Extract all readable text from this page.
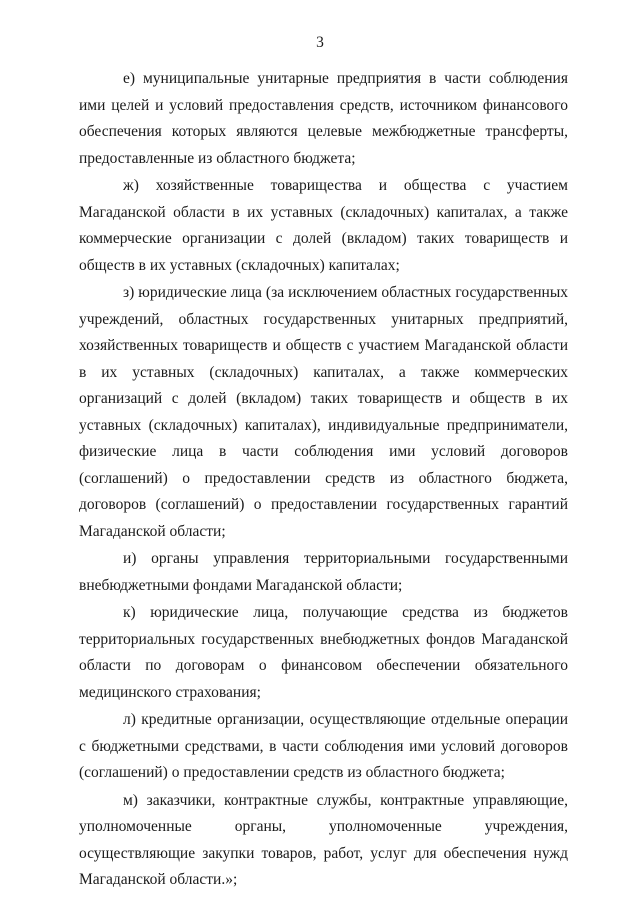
3

е) муниципальные унитарные предприятия в части соблюдения ими целей и условий предоставления средств, источником финансового обеспечения которых являются целевые межбюджетные трансферты, предоставленные из областного бюджета;

ж) хозяйственные товарищества и общества с участием Магаданской области в их уставных (складочных) капиталах, а также коммерческие организации с долей (вкладом) таких товариществ и обществ в их уставных (складочных) капиталах;

з) юридические лица (за исключением областных государственных учреждений, областных государственных унитарных предприятий, хозяйственных товариществ и обществ с участием Магаданской области в их уставных (складочных) капиталах, а также коммерческих организаций с долей (вкладом) таких товариществ и обществ в их уставных (складочных) капиталах), индивидуальные предприниматели, физические лица в части соблюдения ими условий договоров (соглашений) о предоставлении средств из областного бюджета, договоров (соглашений) о предоставлении государственных гарантий Магаданской области;

и) органы управления территориальными государственными внебюджетными фондами Магаданской области;

к) юридические лица, получающие средства из бюджетов территориальных государственных внебюджетных фондов Магаданской области по договорам о финансовом обеспечении обязательного медицинского страхования;

л) кредитные организации, осуществляющие отдельные операции с бюджетными средствами, в части соблюдения ими условий договоров (соглашений) о предоставлении средств из областного бюджета;

м) заказчики, контрактные службы, контрактные управляющие, уполномоченные органы, уполномоченные учреждения, осуществляющие закупки товаров, работ, услуг для обеспечения нужд Магаданской области.»;
